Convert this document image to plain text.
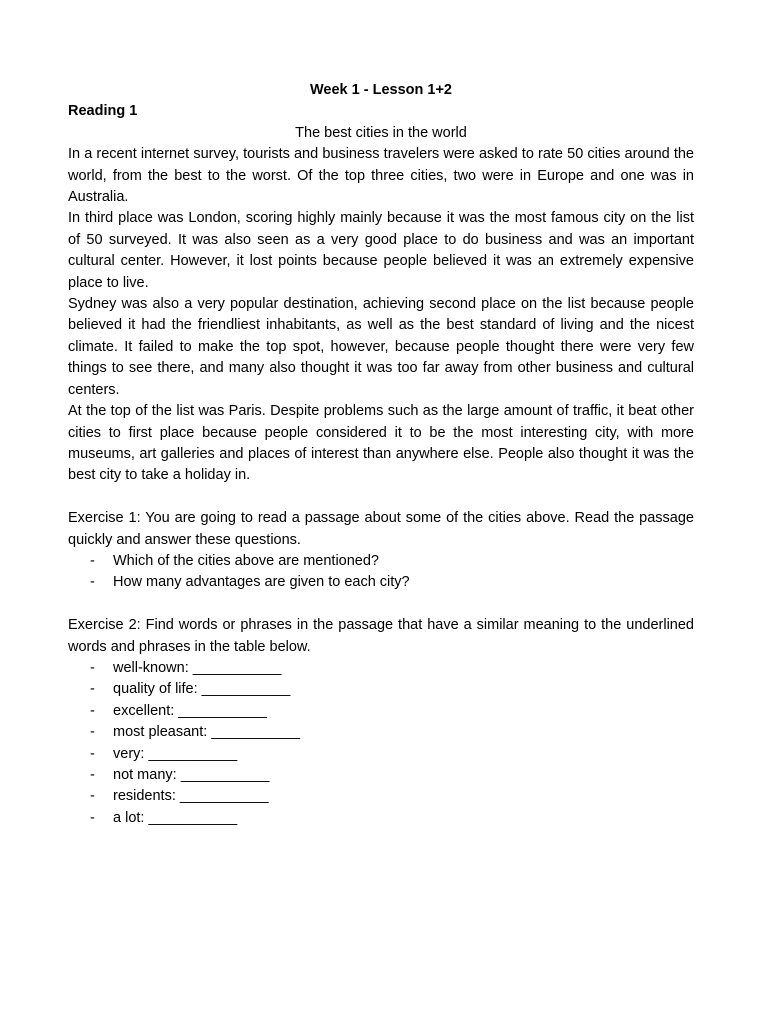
Week 1 - Lesson 1+2

Reading 1

The best cities in the world

In a recent internet survey, tourists and business travelers were asked to rate 50 cities around the world, from the best to the worst. Of the top three cities, two were in Europe and one was in Australia.

In third place was London, scoring highly mainly because it was the most famous city on the list of 50 surveyed. It was also seen as a very good place to do business and was an important cultural center. However, it lost points because people believed it was an extremely expensive place to live.

Sydney was also a very popular destination, achieving second place on the list because people believed it had the friendliest inhabitants, as well as the best standard of living and the nicest climate. It failed to make the top spot, however, because people thought there were very few things to see there, and many also thought it was too far away from other business and cultural centers.

At the top of the list was Paris. Despite problems such as the large amount of traffic, it beat other cities to first place because people considered it to be the most interesting city, with more museums, art galleries and places of interest than anywhere else. People also thought it was the best city to take a holiday in.

Exercise 1: You are going to read a passage about some of the cities above. Read the passage quickly and answer these questions.

- Which of the cities above are mentioned?
- How many advantages are given to each city?

Exercise 2: Find words or phrases in the passage that have a similar meaning to the underlined words and phrases in the table below.

- well-known: ___________
- quality of life: ___________
- excellent: ___________
- most pleasant: ___________
- very: ___________
- not many: ___________
- residents: ___________
- a lot: ___________
